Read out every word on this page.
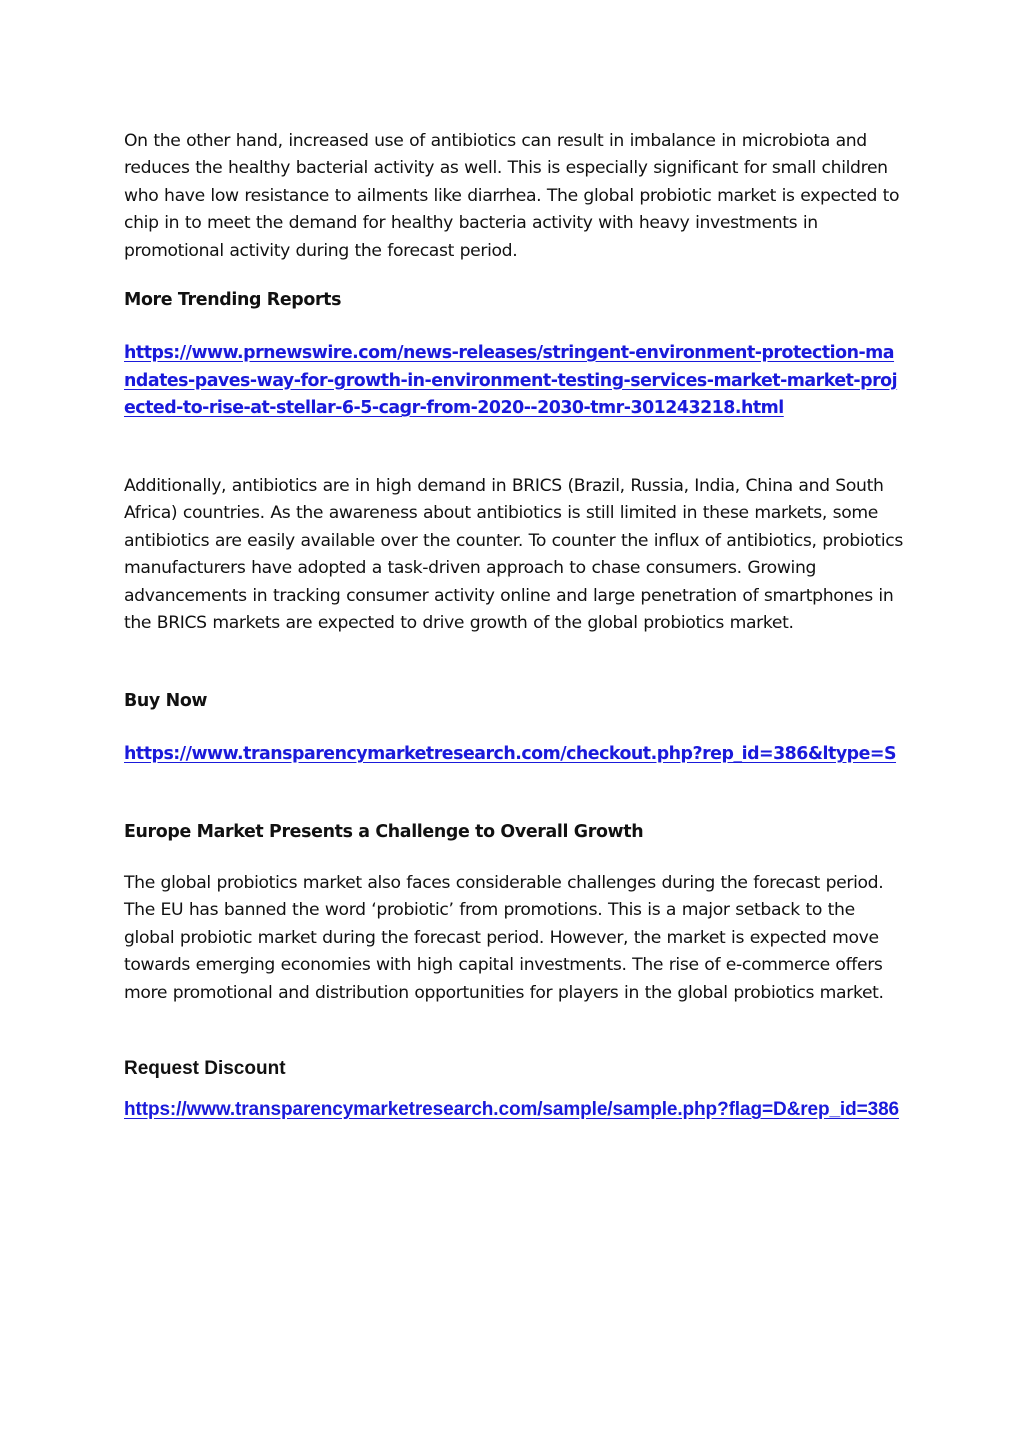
On the other hand, increased use of antibiotics can result in imbalance in microbiota and reduces the healthy bacterial activity as well. This is especially significant for small children who have low resistance to ailments like diarrhea. The global probiotic market is expected to chip in to meet the demand for healthy bacteria activity with heavy investments in promotional activity during the forecast period.

More Trending Reports
https://www.prnewswire.com/news-releases/stringent-environment-protection-mandates-paves-way-for-growth-in-environment-testing-services-market-market-projected-to-rise-at-stellar-6-5-cagr-from-2020--2030-tmr-301243218.html

Additionally, antibiotics are in high demand in BRICS (Brazil, Russia, India, China and South Africa) countries. As the awareness about antibiotics is still limited in these markets, some antibiotics are easily available over the counter. To counter the influx of antibiotics, probiotics manufacturers have adopted a task-driven approach to chase consumers. Growing advancements in tracking consumer activity online and large penetration of smartphones in the BRICS markets are expected to drive growth of the global probiotics market.

Buy Now
https://www.transparencymarketresearch.com/checkout.php?rep_id=386&ltype=S
Europe Market Presents a Challenge to Overall Growth

The global probiotics market also faces considerable challenges during the forecast period. The EU has banned the word ‘probiotic’ from promotions. This is a major setback to the global probiotic market during the forecast period. However, the market is expected move towards emerging economies with high capital investments. The rise of e-commerce offers more promotional and distribution opportunities for players in the global probiotics market.

Request Discount
https://www.transparencymarketresearch.com/sample/sample.php?flag=D&rep_id=386
